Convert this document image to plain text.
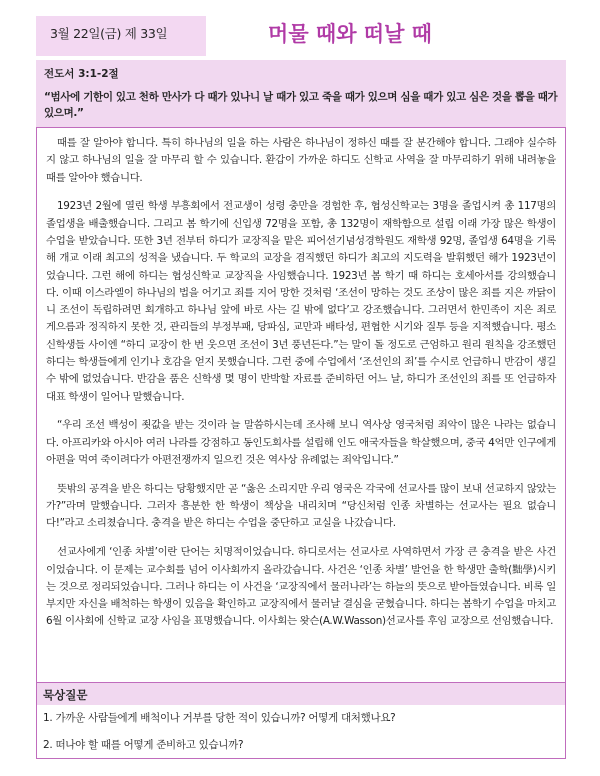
3월 22일(금) 제 33일	머물 때와 떠날 때
전도서 3:1-2절
“범사에 기한이 있고 천하 만사가 다 때가 있나니 날 때가 있고 죽을 때가 있으며 심을 때가 있고 심은 것을 뽑을 때가 있으며.”

때를 잘 알아야 합니다. 특히 하나님의 일을 하는 사람은 하나님이 정하신 때를 잘 분간해야 합니다. 그래야 실수하지 않고 하나님의 일을 잘 마무리 할 수 있습니다. 환갑이 가까운 하디도 신학교 사역을 잘 마무리하기 위해 내려놓을 때를 알아야 했습니다.

1923년 2월에 열린 학생 부흥회에서 전교생이 성령 충만을 경험한 후, 협성신학교는 3명을 졸업시켜 총 117명의 졸업생을 배출했습니다. 그리고 봄 학기에 신입생 72명을 포함, 총 132명이 재학함으로 설립 이래 가장 많은 학생이 수업을 받았습니다. 또한 3년 전부터 하디가 교장직을 맡은 피어선기념성경학원도 재학생 92명, 졸업생 64명을 기록해 개교 이래 최고의 성적을 냈습니다. 두 학교의 교장을 겸직했던 하디가 최고의 지도력을 발휘했던 해가 1923년이었습니다. 그런 해에 하디는 협성신학교 교장직을 사임했습니다. 1923년 봄 학기 때 하디는 호세아서를 강의했습니다. 이때 이스라엘이 하나님의 법을 어기고 죄를 지어 망한 것처럼 ‘조선이 망하는 것도 조상이 많은 죄를 지은 까닭이니 조선이 독립하려면 회개하고 하나님 앞에 바로 사는 길 밖에 없다’고 강조했습니다. 그러면서 한민족이 지은 죄로 게으름과 정직하지 못한 것, 관리들의 부정부패, 당파심, 교만과 배타성, 편협한 시기와 질투 등을 지적했습니다. 평소 신학생들 사이엔 “하디 교장이 한 번 웃으면 조선이 3년 풍년든다.”는 말이 돌 정도로 근엄하고 원리 원칙을 강조했던 하디는 학생들에게 인기나 호감을 얻지 못했습니다. 그런 중에 수업에서 ‘조선인의 죄’를 수시로 언급하니 반감이 생길 수 밖에 없었습니다. 반감을 품은 신학생 몇 명이 반박할 자료를 준비하던 어느 날, 하디가 조선인의 죄를 또 언급하자 대표 학생이 일어나 말했습니다.

“우리 조선 백성이 죗값을 받는 것이라 늘 말씀하시는데 조사해 보니 역사상 영국처럼 죄악이 많은 나라는 없습니다. 아프리카와 아시아 여러 나라를 강점하고 동인도회사를 설립해 인도 애국자들을 학살했으며, 중국 4억만 인구에게 아편을 먹여 죽이려다가 아편전쟁까지 일으킨 것은 역사상 유례없는 죄악입니다.”

뜻밖의 공격을 받은 하디는 당황했지만 곧 “옳은 소리지만 우리 영국은 각국에 선교사를 많이 보내 선교하지 않았는가?”라며 말했습니다. 그러자 흥분한 한 학생이 책상을 내리치며 “당신처럼 인종 차별하는 선교사는 필요 없습니다!”라고 소리쳤습니다. 충격을 받은 하디는 수업을 중단하고 교실을 나갔습니다.

선교사에게 ‘인종 차별’이란 단어는 치명적이었습니다. 하디로서는 선교사로 사역하면서 가장 큰 충격을 받은 사건이었습니다. 이 문제는 교수회를 넘어 이사회까지 올라갔습니다. 사건은 ‘인종 차별’ 발언을 한 학생만 출학(黜學)시키는 것으로 정리되었습니다. 그러나 하디는 이 사건을 ‘교장직에서 물러나라’는 하늘의 뜻으로 받아들였습니다. 비록 일부지만 자신을 배척하는 학생이 있음을 확인하고 교장직에서 물러날 결심을 굳혔습니다. 하디는 봄학기 수업을 마치고 6월 이사회에 신학교 교장 사임을 표명했습니다. 이사회는 왓슨(A.W.Wasson)선교사를 후임 교장으로 선임했습니다.

묵상질문
1. 가까운 사람들에게 배척이나 거부를 당한 적이 있습니까? 어떻게 대처했나요?
2. 떠나야 할 때를 어떻게 준비하고 있습니까?
